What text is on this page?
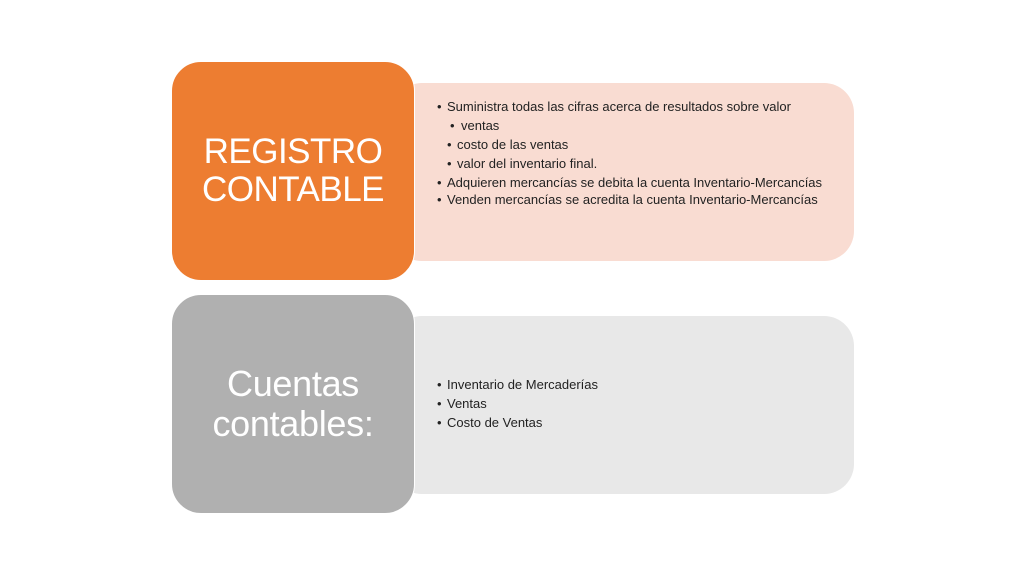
REGISTRO
CONTABLE
• Suministra todas las cifras acerca de resultados sobre valor
• ventas
• costo de las ventas
• valor del inventario final.
• Adquieren mercancías se debita la cuenta Inventario-Mercancías
• Venden mercancías se acredita la cuenta Inventario-Mercancías
Cuentas
contables:
• Inventario de Mercaderías
• Ventas
• Costo de Ventas
